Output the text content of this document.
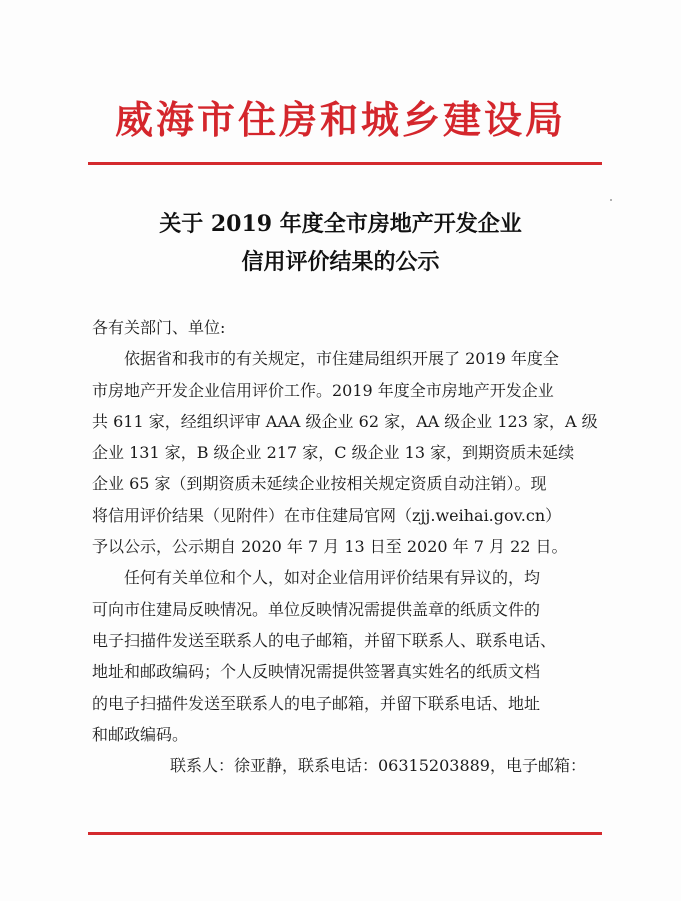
威海市住房和城乡建设局
关于 2019 年度全市房地产开发企业
信用评价结果的公示

各有关部门、单位:

依据省和我市的有关规定，市住建局组织开展了 2019 年度全

市房地产开发企业信用评价工作。2019 年度全市房地产开发企业

共 611 家，经组织评审 AAA 级企业 62 家，AA 级企业 123 家，A 级

企业 131 家，B 级企业 217 家，C 级企业 13 家，到期资质未延续

企业 65 家（到期资质未延续企业按相关规定资质自动注销）。现

将信用评价结果（见附件）在市住建局官网（zjj.weihai.gov.cn）

予以公示，公示期自 2020 年 7 月 13 日至 2020 年 7 月 22 日。

任何有关单位和个人，如对企业信用评价结果有异议的，均

可向市住建局反映情况。单位反映情况需提供盖章的纸质文件的

电子扫描件发送至联系人的电子邮箱，并留下联系人、联系电话、

地址和邮政编码；个人反映情况需提供签署真实姓名的纸质文档

的电子扫描件发送至联系人的电子邮箱，并留下联系电话、地址

和邮政编码。

联系人：徐亚静，联系电话：06315203889，电子邮箱：
